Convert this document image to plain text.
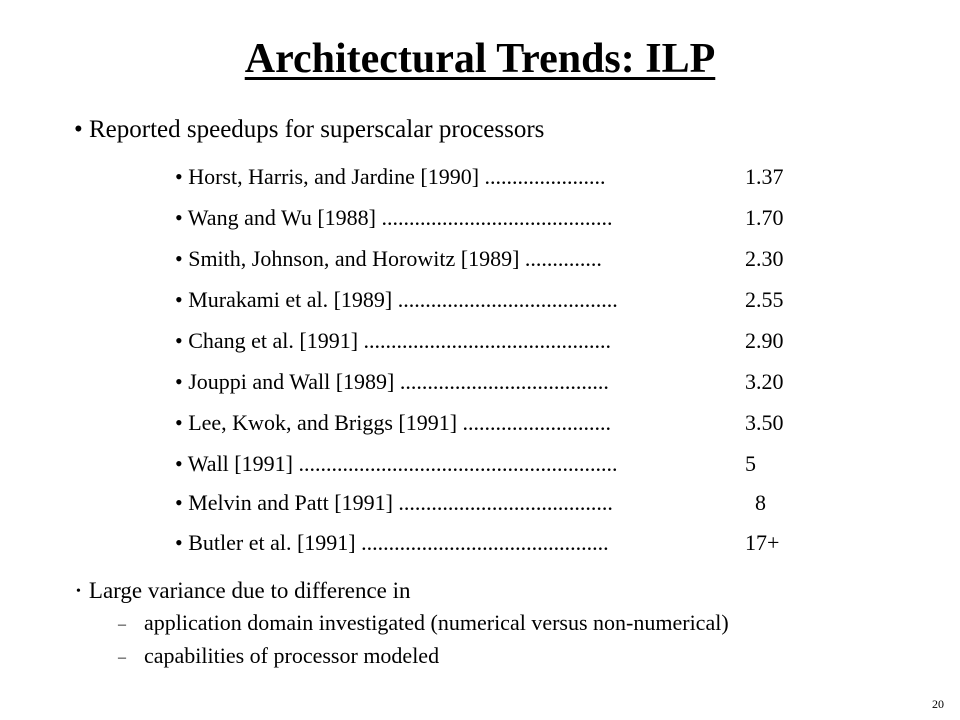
Architectural Trends: ILP
• Reported speedups for superscalar processors
• Horst, Harris, and Jardine [1990] ......................	1.37
• Wang and Wu [1988] ..........................................	1.70
• Smith, Johnson, and Horowitz [1989] ..............	2.30
• Murakami et al. [1989] ........................................	2.55
• Chang et al. [1991] .............................................	2.90
• Jouppi and Wall [1989] ......................................	3.20
• Lee, Kwok, and Briggs [1991] ...........................	3.50
• Wall [1991] ..........................................................	5
• Melvin and Patt [1991] .......................................	8
• Butler et al. [1991] .............................................	17+
• Large variance due to difference in
– application domain investigated (numerical versus non-numerical)
– capabilities of processor modeled
20
